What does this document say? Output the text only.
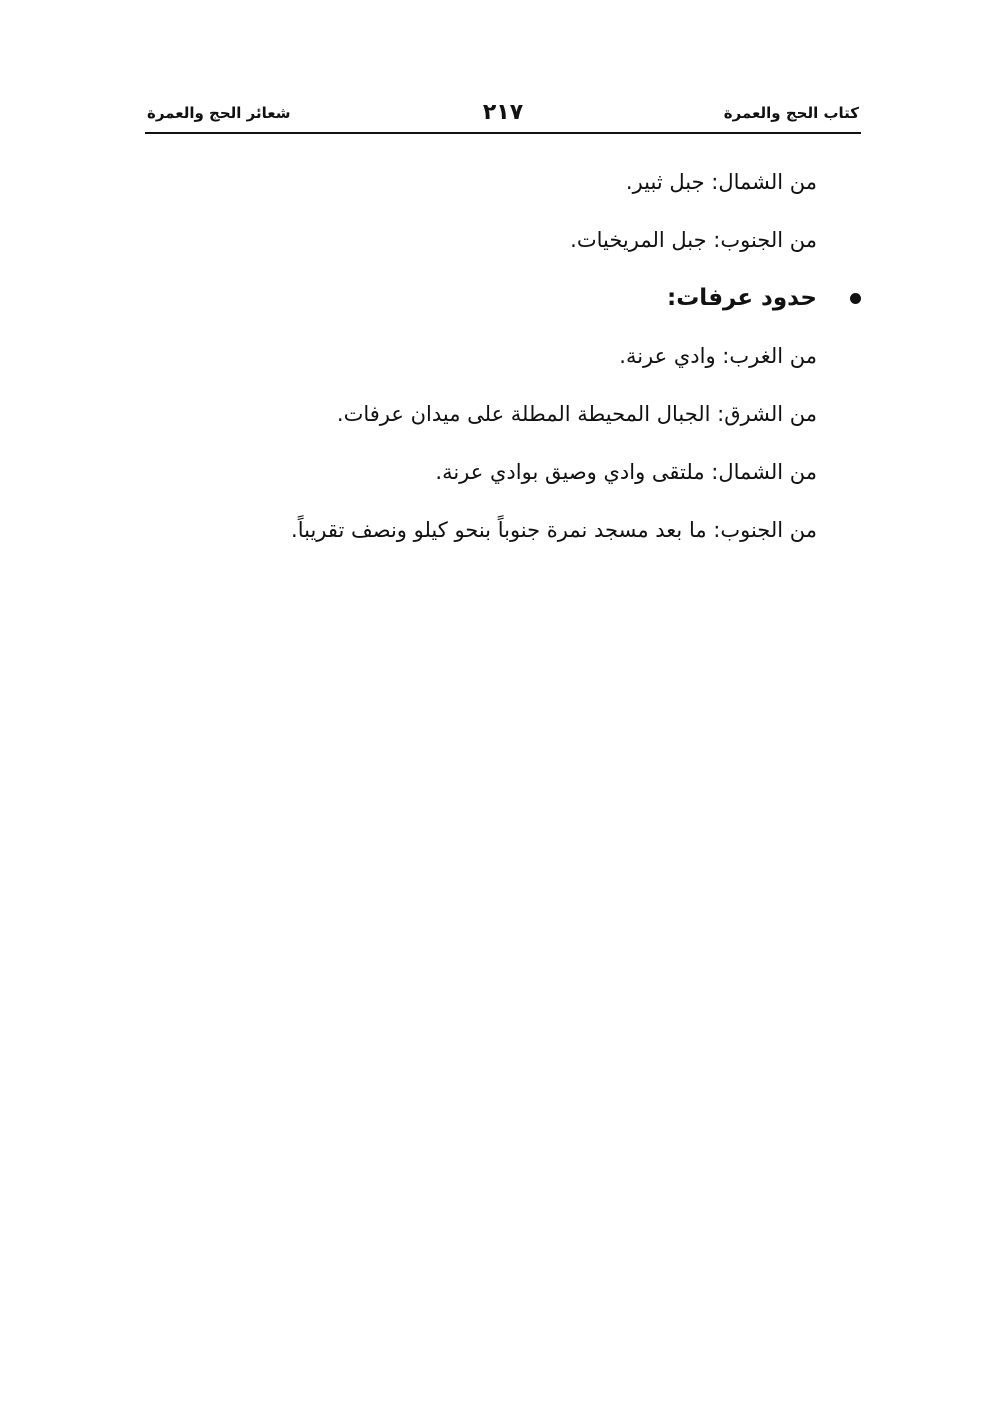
كتاب الحج والعمرة
٢١٧
شعائر الحج والعمرة
من الشمال: جبل ثبير.
من الجنوب: جبل المريخيات.
حدود عرفات:
من الغرب: وادي عرنة.
من الشرق: الجبال المحيطة المطلة على ميدان عرفات.
من الشمال: ملتقى وادي وصيق بوادي عرنة.
من الجنوب: ما بعد مسجد نمرة جنوباً بنحو كيلو ونصف تقريباً.
